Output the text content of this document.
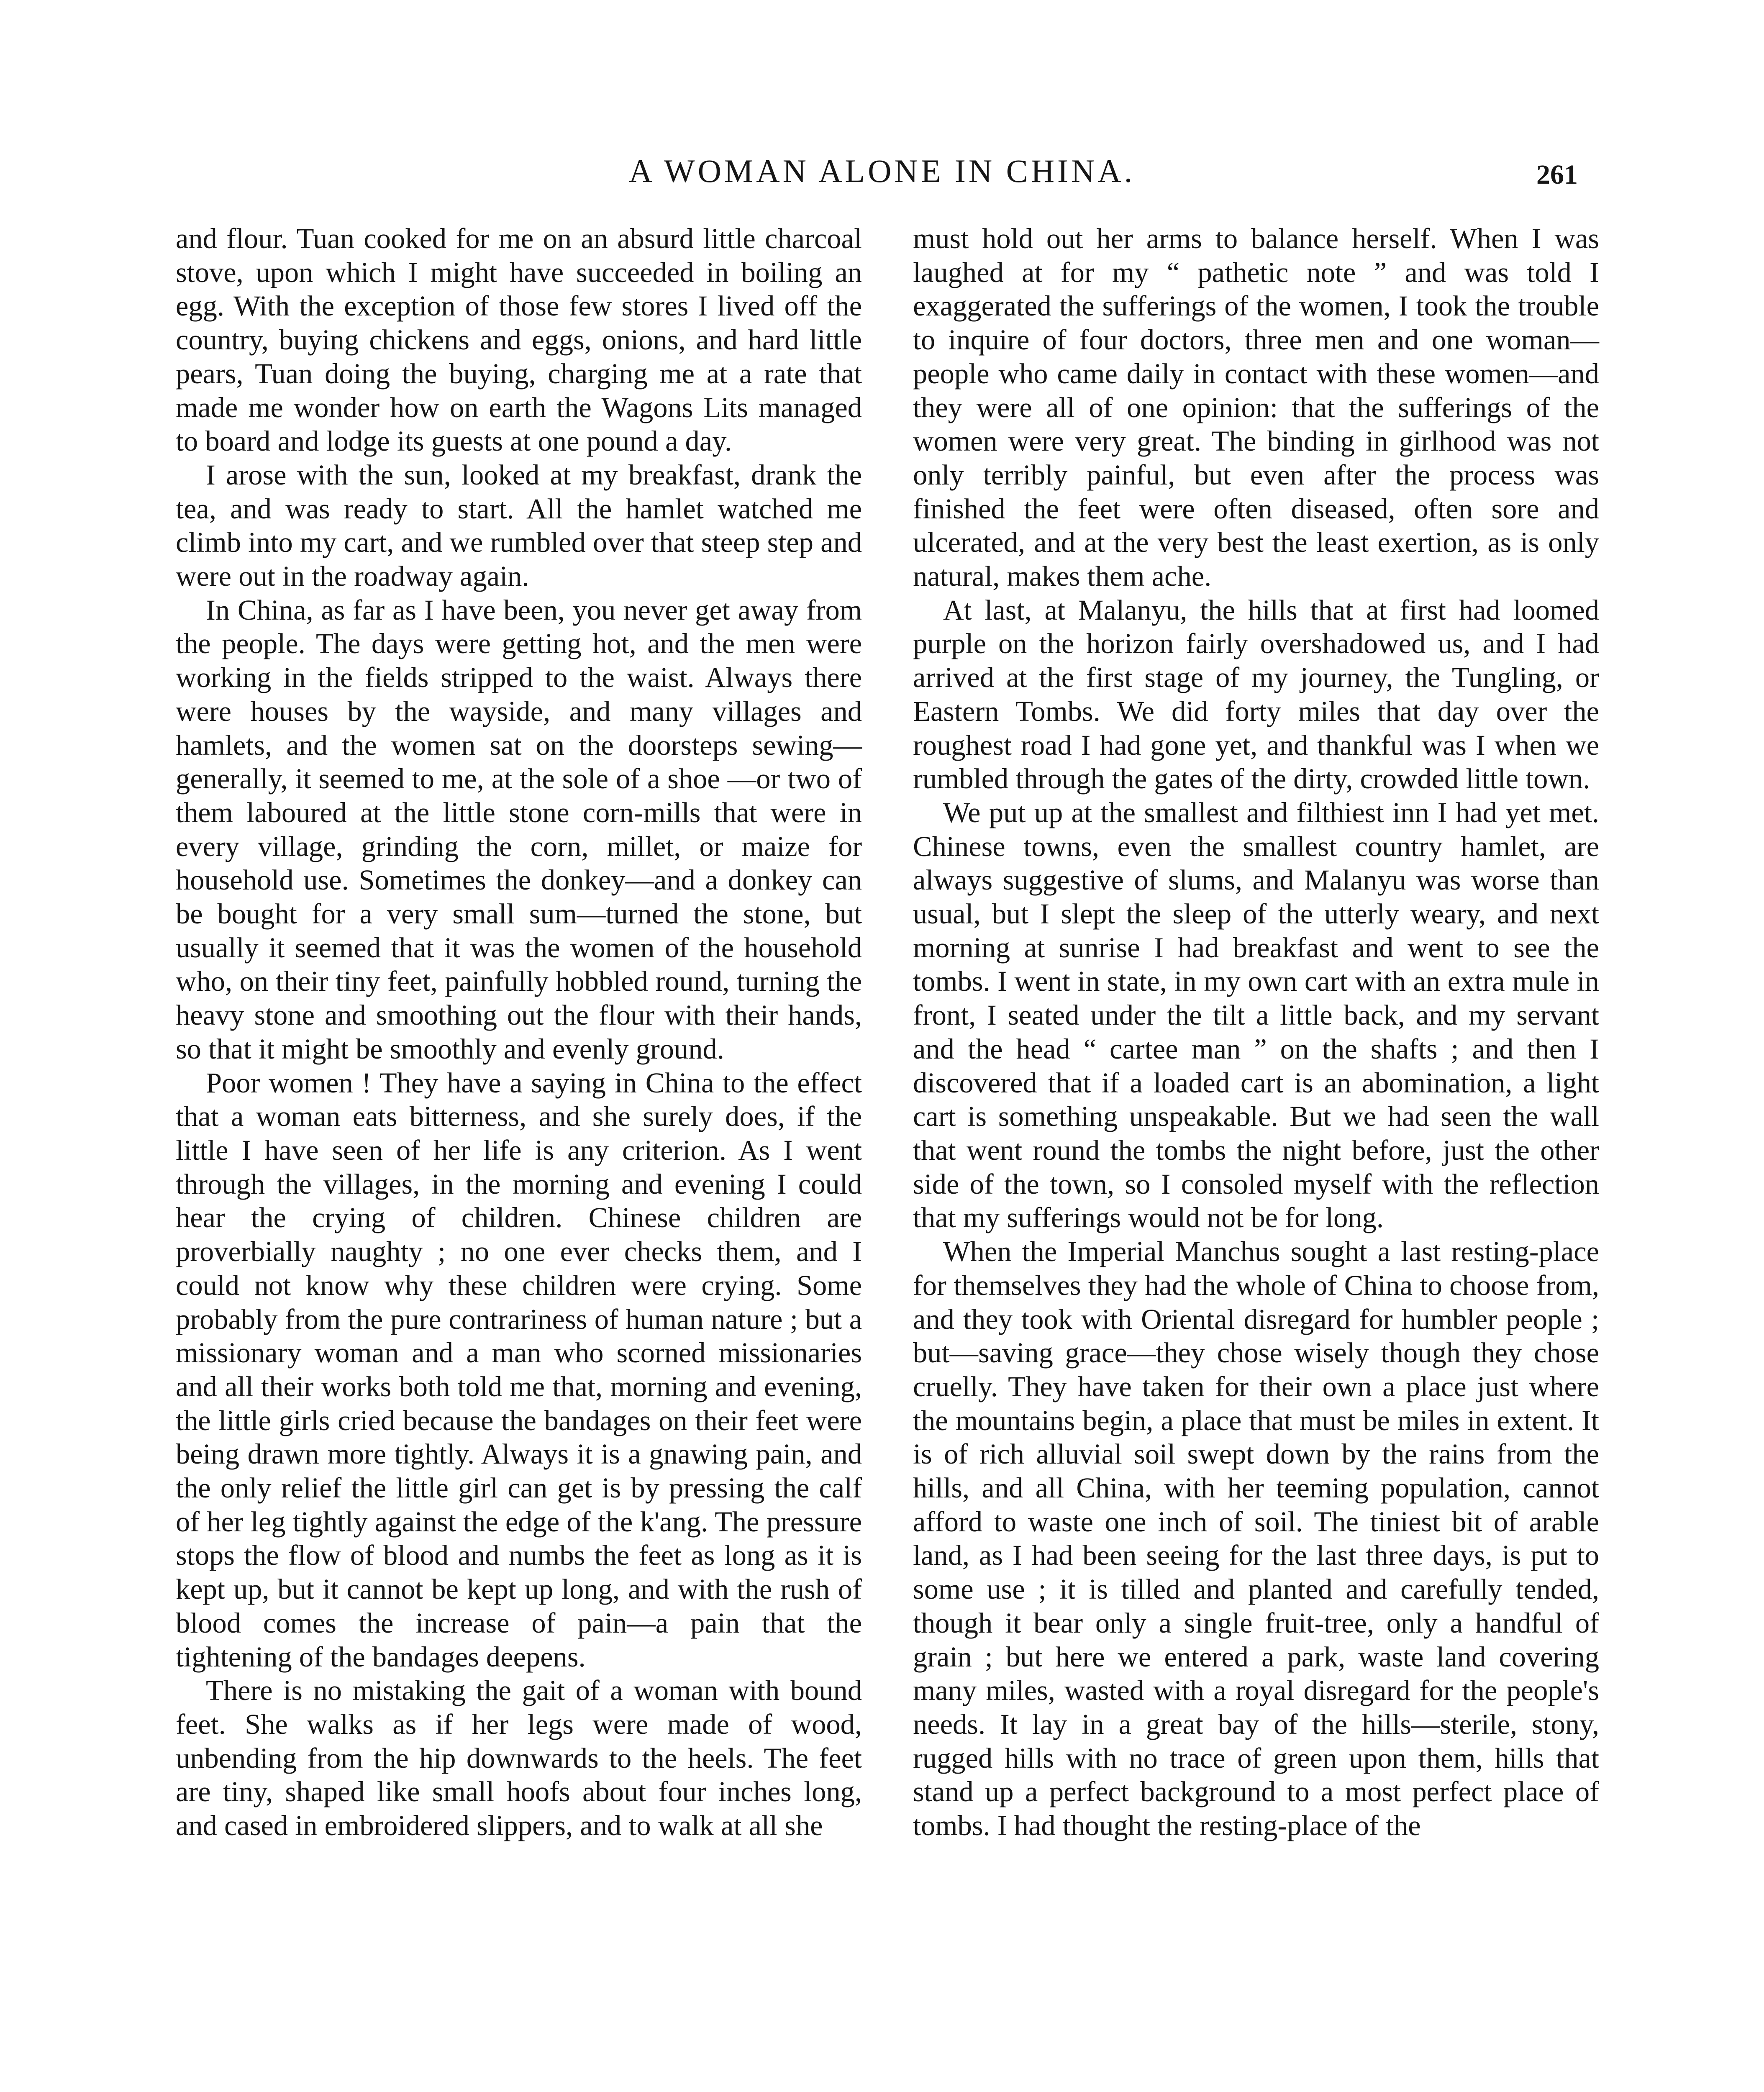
A WOMAN ALONE IN CHINA.	261

and flour. Tuan cooked for me on an absurd little charcoal stove, upon which I might have succeeded in boiling an egg. With the exception of those few stores I lived off the country, buying chickens and eggs, onions, and hard little pears, Tuan doing the buying, charging me at a rate that made me wonder how on earth the Wagons Lits managed to board and lodge its guests at one pound a day.

I arose with the sun, looked at my breakfast, drank the tea, and was ready to start. All the hamlet watched me climb into my cart, and we rumbled over that steep step and were out in the roadway again.

In China, as far as I have been, you never get away from the people. The days were getting hot, and the men were working in the fields stripped to the waist. Always there were houses by the wayside, and many villages and hamlets, and the women sat on the doorsteps sewing—generally, it seemed to me, at the sole of a shoe —or two of them laboured at the little stone corn-mills that were in every village, grinding the corn, millet, or maize for household use. Sometimes the donkey—and a donkey can be bought for a very small sum—turned the stone, but usually it seemed that it was the women of the household who, on their tiny feet, painfully hobbled round, turning the heavy stone and smoothing out the flour with their hands, so that it might be smoothly and evenly ground.

Poor women ! They have a saying in China to the effect that a woman eats bitterness, and she surely does, if the little I have seen of her life is any criterion. As I went through the villages, in the morning and evening I could hear the crying of children. Chinese children are proverbially naughty ; no one ever checks them, and I could not know why these children were crying. Some probably from the pure contrariness of human nature ; but a missionary woman and a man who scorned missionaries and all their works both told me that, morning and evening, the little girls cried because the bandages on their feet were being drawn more tightly. Always it is a gnawing pain, and the only relief the little girl can get is by pressing the calf of her leg tightly against the edge of the k'ang. The pressure stops the flow of blood and numbs the feet as long as it is kept up, but it cannot be kept up long, and with the rush of blood comes the increase of pain—a pain that the tightening of the bandages deepens.

There is no mistaking the gait of a woman with bound feet. She walks as if her legs were made of wood, unbending from the hip downwards to the heels. The feet are tiny, shaped like small hoofs about four inches long, and cased in embroidered slippers, and to walk at all she

must hold out her arms to balance herself. When I was laughed at for my “ pathetic note ” and was told I exaggerated the sufferings of the women, I took the trouble to inquire of four doctors, three men and one woman—people who came daily in contact with these women—and they were all of one opinion: that the sufferings of the women were very great. The binding in girlhood was not only terribly painful, but even after the process was finished the feet were often diseased, often sore and ulcerated, and at the very best the least exertion, as is only natural, makes them ache.

At last, at Malanyu, the hills that at first had loomed purple on the horizon fairly overshadowed us, and I had arrived at the first stage of my journey, the Tungling, or Eastern Tombs. We did forty miles that day over the roughest road I had gone yet, and thankful was I when we rumbled through the gates of the dirty, crowded little town.

We put up at the smallest and filthiest inn I had yet met. Chinese towns, even the smallest country hamlet, are always suggestive of slums, and Malanyu was worse than usual, but I slept the sleep of the utterly weary, and next morning at sunrise I had breakfast and went to see the tombs. I went in state, in my own cart with an extra mule in front, I seated under the tilt a little back, and my servant and the head “ cartee man ” on the shafts ; and then I discovered that if a loaded cart is an abomination, a light cart is something unspeakable. But we had seen the wall that went round the tombs the night before, just the other side of the town, so I consoled myself with the reflection that my sufferings would not be for long.

When the Imperial Manchus sought a last resting-place for themselves they had the whole of China to choose from, and they took with Oriental disregard for humbler people ; but—saving grace—they chose wisely though they chose cruelly. They have taken for their own a place just where the mountains begin, a place that must be miles in extent. It is of rich alluvial soil swept down by the rains from the hills, and all China, with her teeming population, cannot afford to waste one inch of soil. The tiniest bit of arable land, as I had been seeing for the last three days, is put to some use ; it is tilled and planted and carefully tended, though it bear only a single fruit-tree, only a handful of grain ; but here we entered a park, waste land covering many miles, wasted with a royal disregard for the people's needs. It lay in a great bay of the hills—sterile, stony, rugged hills with no trace of green upon them, hills that stand up a perfect background to a most perfect place of tombs. I had thought the resting-place of the
